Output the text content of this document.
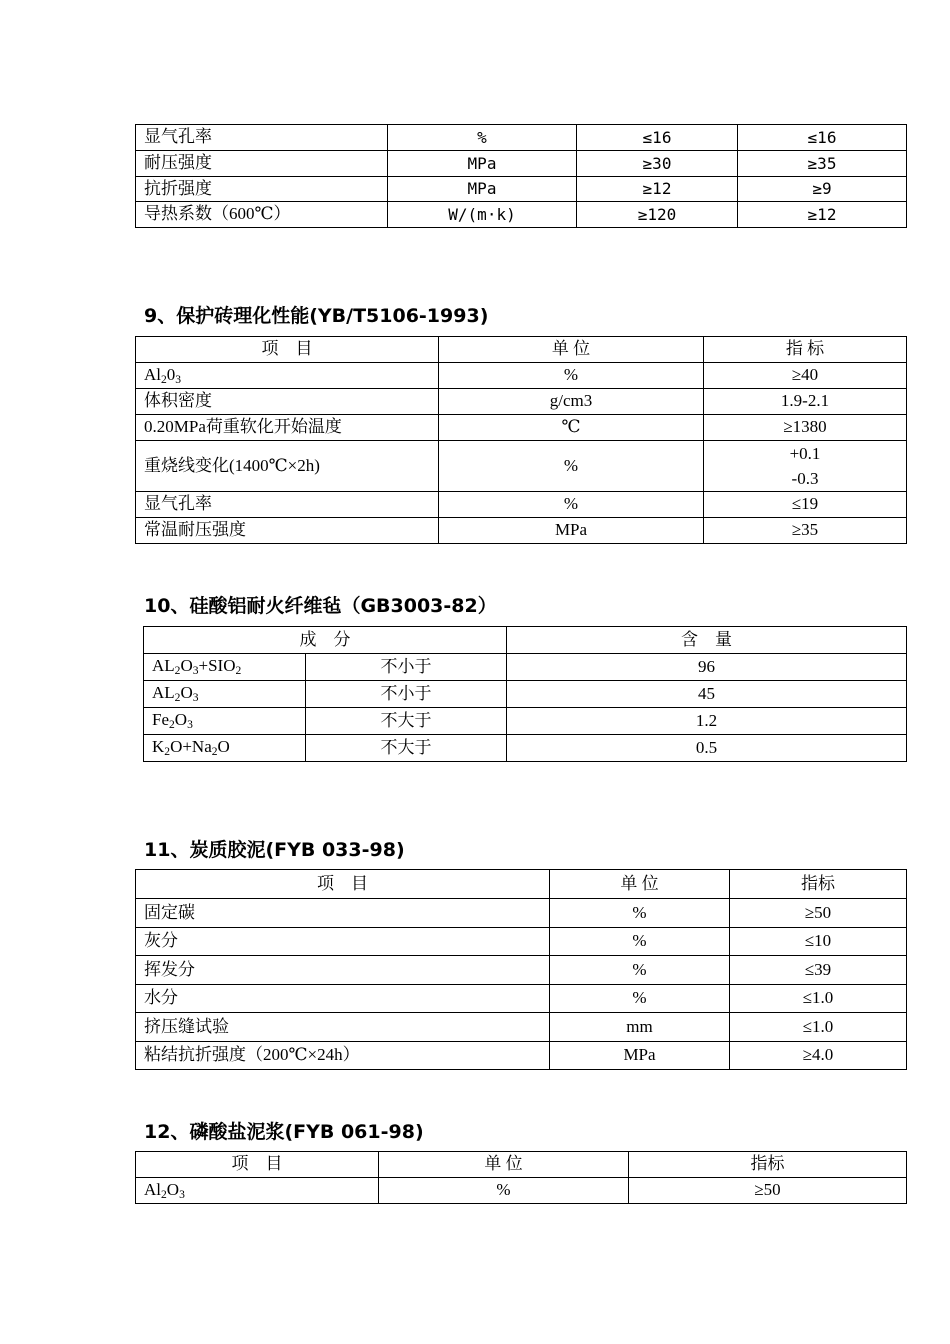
显气孔率	%	≤16	≤16
耐压强度	MPa	≥30	≥35
抗折强度	MPa	≥12	≥9
导热系数（600℃）	W/(m·k)	≥120	≥12
9、保护砖理化性能(YB/T5106-1993)
项　目	单 位	指 标
$Al_20_3$	%	≥40
体积密度	g/cm3	1.9-2.1
0.20MPa荷重软化开始温度	℃	≥1380
重烧线变化(1400℃×2h)	%	+0.1
-0.3

显气孔率	%	≤19
常温耐压强度	MPa	≥35
10、硅酸铝耐火纤维毡（GB3003-82）
成　分		含　量
$AL_2O_3+SIO_2$	不小于	96
$AL_2O_3$	不小于	45
$Fe_2O_3$	不大于	1.2
$K_2O+Na_2O$	不大于	0.5
11、炭质胶泥(FYB 033-98)
项　目	单 位	指标
固定碳	%	≥50
灰分	%	≤10
挥发分	%	≤39
水分	%	≤1.0
挤压缝试验	mm	≤1.0
粘结抗折强度（200℃×24h）	MPa	≥4.0
12、磷酸盐泥浆(FYB 061-98)
项　目	单 位	指标
$Al_2O_3$	%	≥50
